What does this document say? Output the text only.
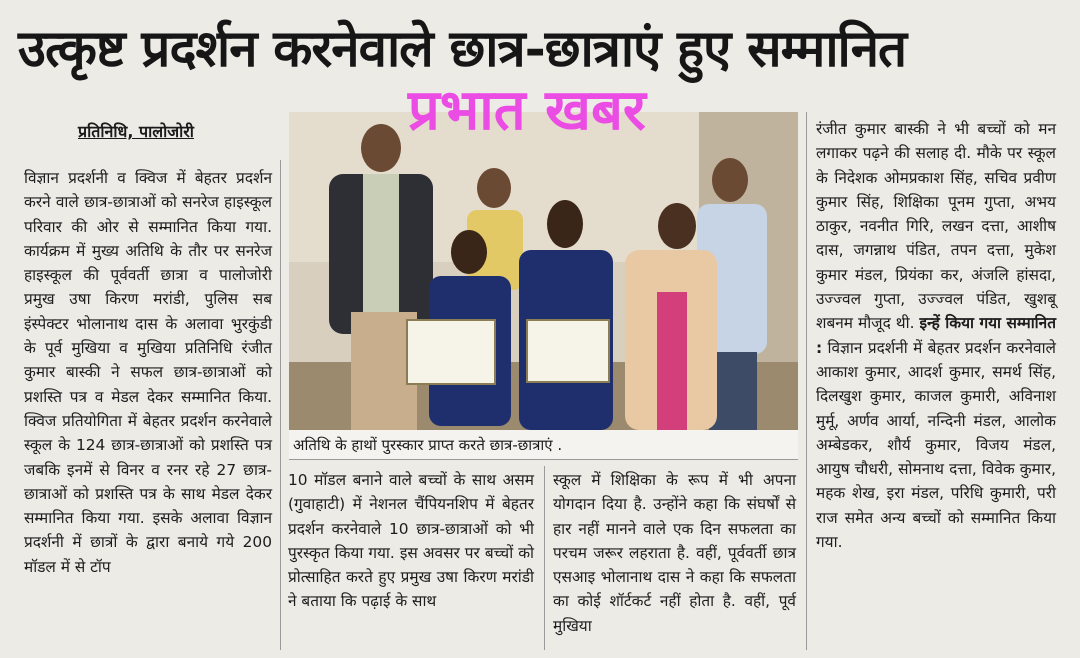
उत्कृष्ट प्रदर्शन करनेवाले छात्र-छात्राएं हुए सम्मानित
प्रभात खबर
प्रतिनिधि, पालोजोरी

विज्ञान प्रदर्शनी व क्विज में बेहतर प्रदर्शन करने वाले छात्र-छात्राओं को सनरेज हाइस्कूल परिवार की ओर से सम्मानित किया गया. कार्यक्रम में मुख्य अतिथि के तौर पर सनरेज हाइस्कूल की पूर्ववर्ती छात्रा व पालोजोरी प्रमुख उषा किरण मरांडी, पुलिस सब इंस्पेक्टर भोलानाथ दास के अलावा भुरकुंडी के पूर्व मुखिया व मुखिया प्रतिनिधि रंजीत कुमार बास्की ने सफल छात्र-छात्राओं को प्रशस्ति पत्र व मेडल देकर सम्मानित किया. क्विज प्रतियोगिता में बेहतर प्रदर्शन करनेवाले स्कूल के 124 छात्र-छात्राओं को प्रशस्ति पत्र जबकि इनमें से विनर व रनर रहे 27 छात्र-छात्राओं को प्रशस्ति पत्र के साथ मेडल देकर सम्मानित किया गया. इसके अलावा विज्ञान प्रदर्शनी में छात्रों के द्वारा बनाये गये 200 मॉडल में से टॉप

अतिथि के हाथों पुरस्कार प्राप्त करते छात्र-छात्राएं .

10 मॉडल बनाने वाले बच्चों के साथ असम (गुवाहाटी) में नेशनल चैंपियनशिप में बेहतर प्रदर्शन करनेवाले 10 छात्र-छात्राओं को भी पुरस्कृत किया गया. इस अवसर पर बच्चों को प्रोत्साहित करते हुए प्रमुख उषा किरण मरांडी ने बताया कि पढ़ाई के साथ

स्कूल में शिक्षिका के रूप में भी अपना योगदान दिया है. उन्होंने कहा कि संघर्षों से हार नहीं मानने वाले एक दिन सफलता का परचम जरूर लहराता है. वहीं, पूर्ववर्ती छात्र एसआइ भोलानाथ दास ने कहा कि सफलता का कोई शॉर्टकर्ट नहीं होता है. वहीं, पूर्व मुखिया

रंजीत कुमार बास्की ने भी बच्चों को मन लगाकर पढ़ने की सलाह दी. मौके पर स्कूल के निदेशक ओमप्रकाश सिंह, सचिव प्रवीण कुमार सिंह, शिक्षिका पूनम गुप्ता, अभय ठाकुर, नवनीत गिरि, लखन दत्ता, आशीष दास, जगन्नाथ पंडित, तपन दत्ता, मुकेश कुमार मंडल, प्रियंका कर, अंजलि हांसदा, उज्ज्वल गुप्ता, उज्ज्वल पंडित, खुशबू शबनम मौजूद थी. इन्हें किया गया सम्मानित : विज्ञान प्रदर्शनी में बेहतर प्रदर्शन करनेवाले आकाश कुमार, आदर्श कुमार, समर्थ सिंह, दिलखुश कुमार, काजल कुमारी, अविनाश मुर्मू, अर्णव आर्या, नन्दिनी मंडल, आलोक अम्बेडकर, शौर्य कुमार, विजय मंडल, आयुष चौधरी, सोमनाथ दत्ता, विवेक कुमार, महक शेख, इरा मंडल, परिधि कुमारी, परी राज समेत अन्य बच्चों को सम्मानित किया गया.
